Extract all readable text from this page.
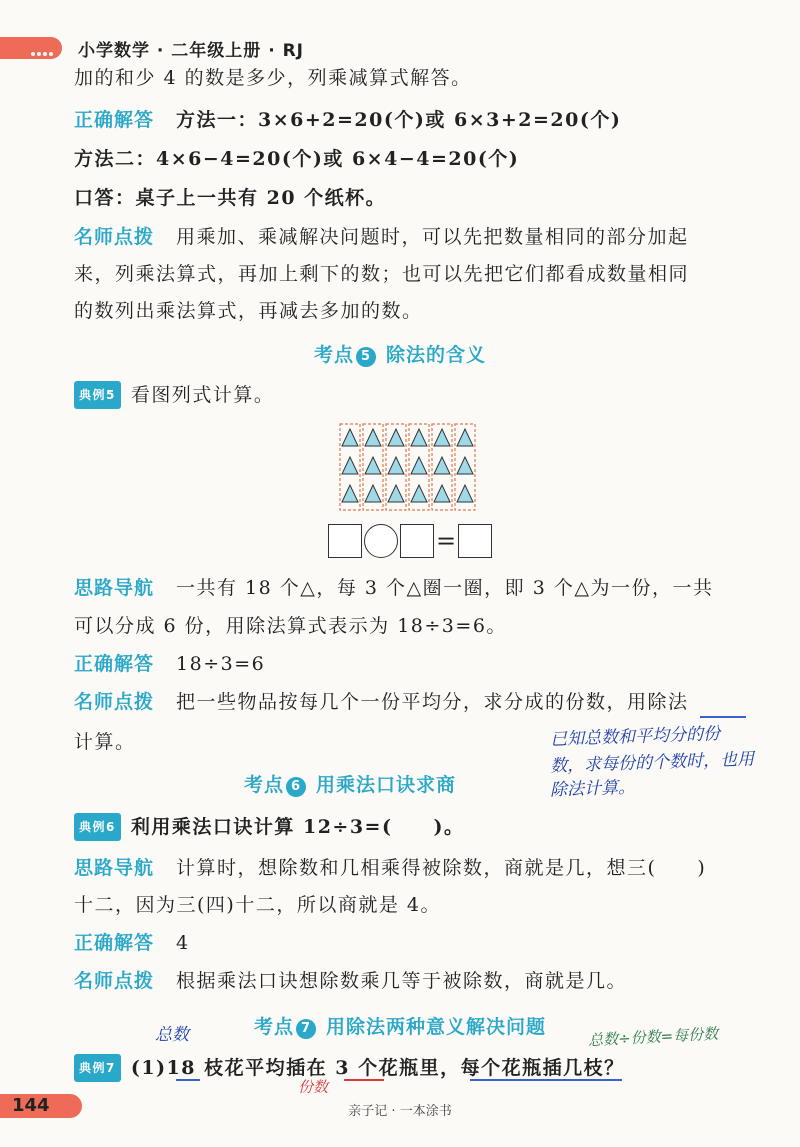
小学数学 · 二年级上册 · RJ
加的和少 4 的数是多少，列乘减算式解答。
正确解答 方法一：3×6+2=20(个)或 6×3+2=20(个)
方法二：4×6−4=20(个)或 6×4−4=20(个)
口答：桌子上一共有 20 个纸杯。
名师点拨 用乘加、乘减解决问题时，可以先把数量相同的部分加起
来，列乘法算式，再加上剩下的数；也可以先把它们都看成数量相同
的数列出乘法算式，再减去多加的数。
考点 5 除法的含义
典例5 看图列式计算。
=
思路导航 一共有 18 个△，每 3 个△圈一圈，即 3 个△为一份，一共
可以分成 6 份，用除法算式表示为 18÷3=6。
正确解答 18÷3=6
名师点拨 把一些物品按每几个一份平均分，求分成的份数，用除法
计算。	已知总数和平均分的份
数，求每份的个数时，也用
除法计算。
考点 6 用乘法口诀求商
典例6 利用乘法口诀计算 12÷3=(　　)。
思路导航 计算时，想除数和几相乘得被除数，商就是几，想三(　　)
十二，因为三(四)十二，所以商就是 4。
正确解答 4
名师点拨 根据乘法口诀想除数乘几等于被除数，商就是几。
总数	考点 7 用除法两种意义解决问题	总数÷份数=每份数
典例7 (1)18 枝花平均插在 3 个花瓶里，每个花瓶插几枝？
份数
144	亲子记 · 一本涂书
